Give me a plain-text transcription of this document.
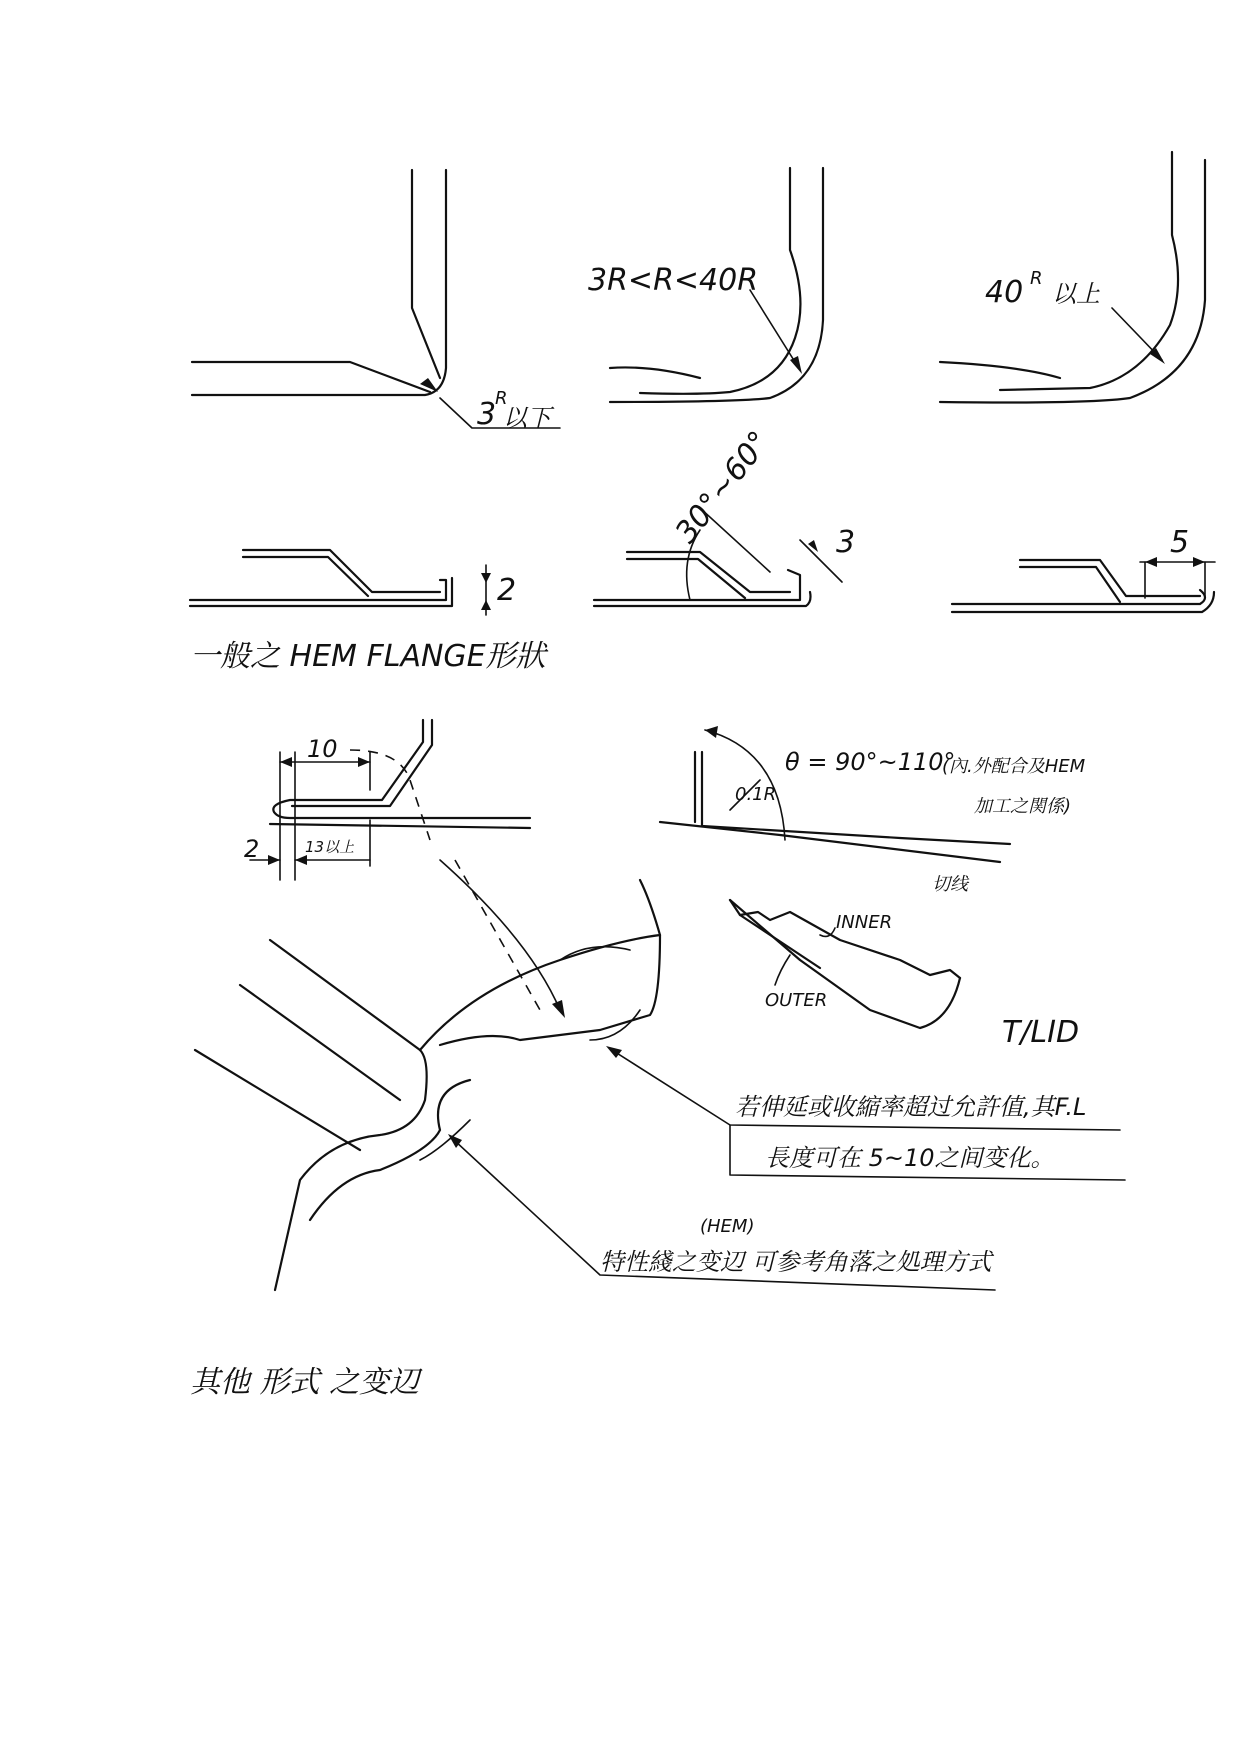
3
R
以下
3R<R<40R	40 R
以上
2
30°~60° 3	5
一般之 HEM FLANGE形狀
10
13以上
2
θ = 90°~110°
(內.外配合及HEM
加工之関係)
0.1R
切线
INNER
OUTER
T/LID
若伸延或收縮率超过允許值,其F.L
長度可在 5~10之间变化。
(HEM)
特性綫之变辺 可参考角落之処理方式
其他 形式 之变辺
